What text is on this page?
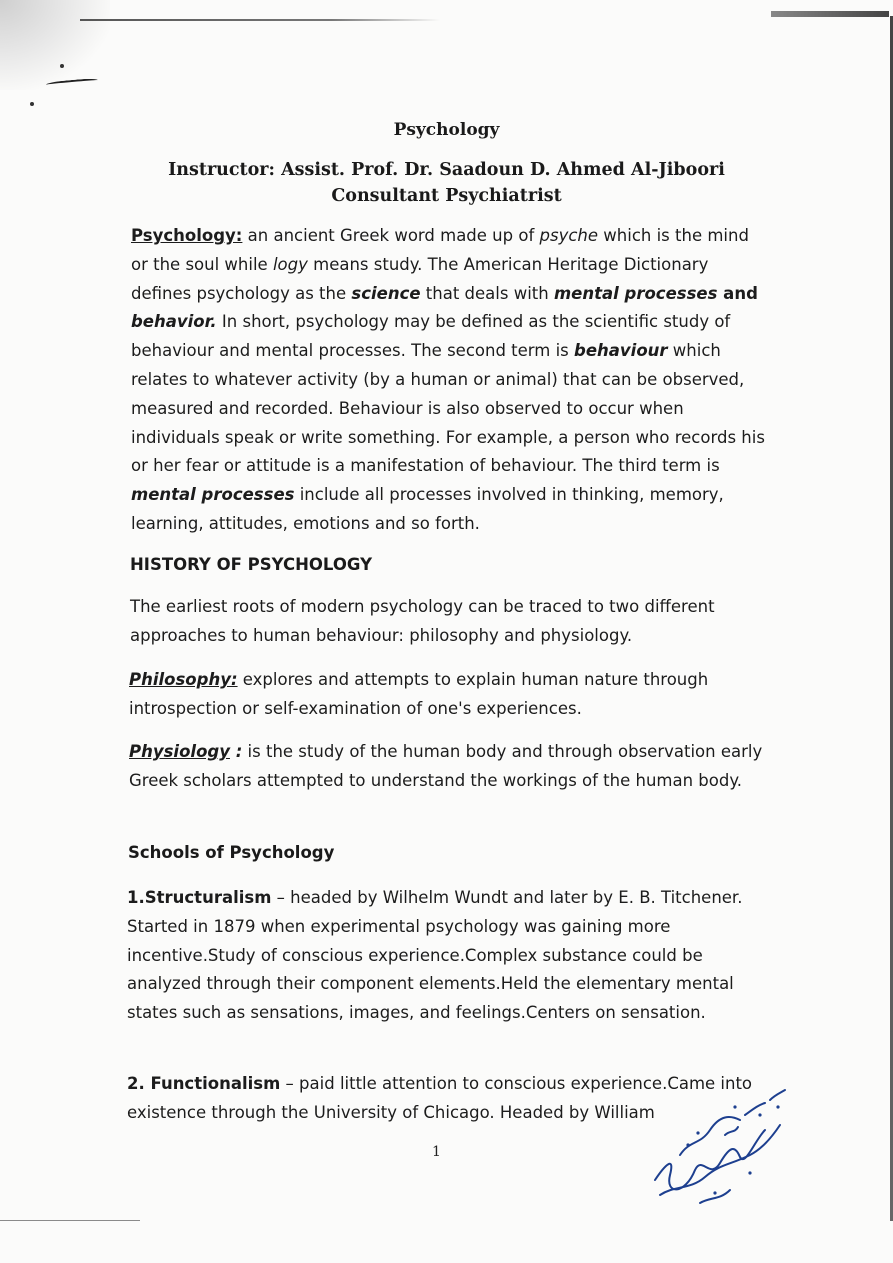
Psychology
Instructor: Assist. Prof. Dr. Saadoun D. Ahmed Al-Jiboori
Consultant Psychiatrist

Psychology: an ancient Greek word made up of psyche which is the mind or the soul while logy means study. The American Heritage Dictionary defines psychology as the science that deals with mental processes and behavior. In short, psychology may be defined as the scientific study of behaviour and mental processes. The second term is behaviour which relates to whatever activity (by a human or animal) that can be observed, measured and recorded. Behaviour is also observed to occur when individuals speak or write something. For example, a person who records his or her fear or attitude is a manifestation of behaviour. The third term is mental processes include all processes involved in thinking, memory, learning, attitudes, emotions and so forth.

HISTORY OF PSYCHOLOGY

The earliest roots of modern psychology can be traced to two different approaches to human behaviour: philosophy and physiology.

Philosophy: explores and attempts to explain human nature through introspection or self-examination of one's experiences.

Physiology : is the study of the human body and through observation early Greek scholars attempted to understand the workings of the human body.

Schools of Psychology

1.Structuralism – headed by Wilhelm Wundt and later by E. B. Titchener. Started in 1879 when experimental psychology was gaining more incentive.Study of conscious experience.Complex substance could be analyzed through their component elements.Held the elementary mental states such as sensations, images, and feelings.Centers on sensation.

2. Functionalism – paid little attention to conscious experience.Came into existence through the University of Chicago. Headed by William

1
